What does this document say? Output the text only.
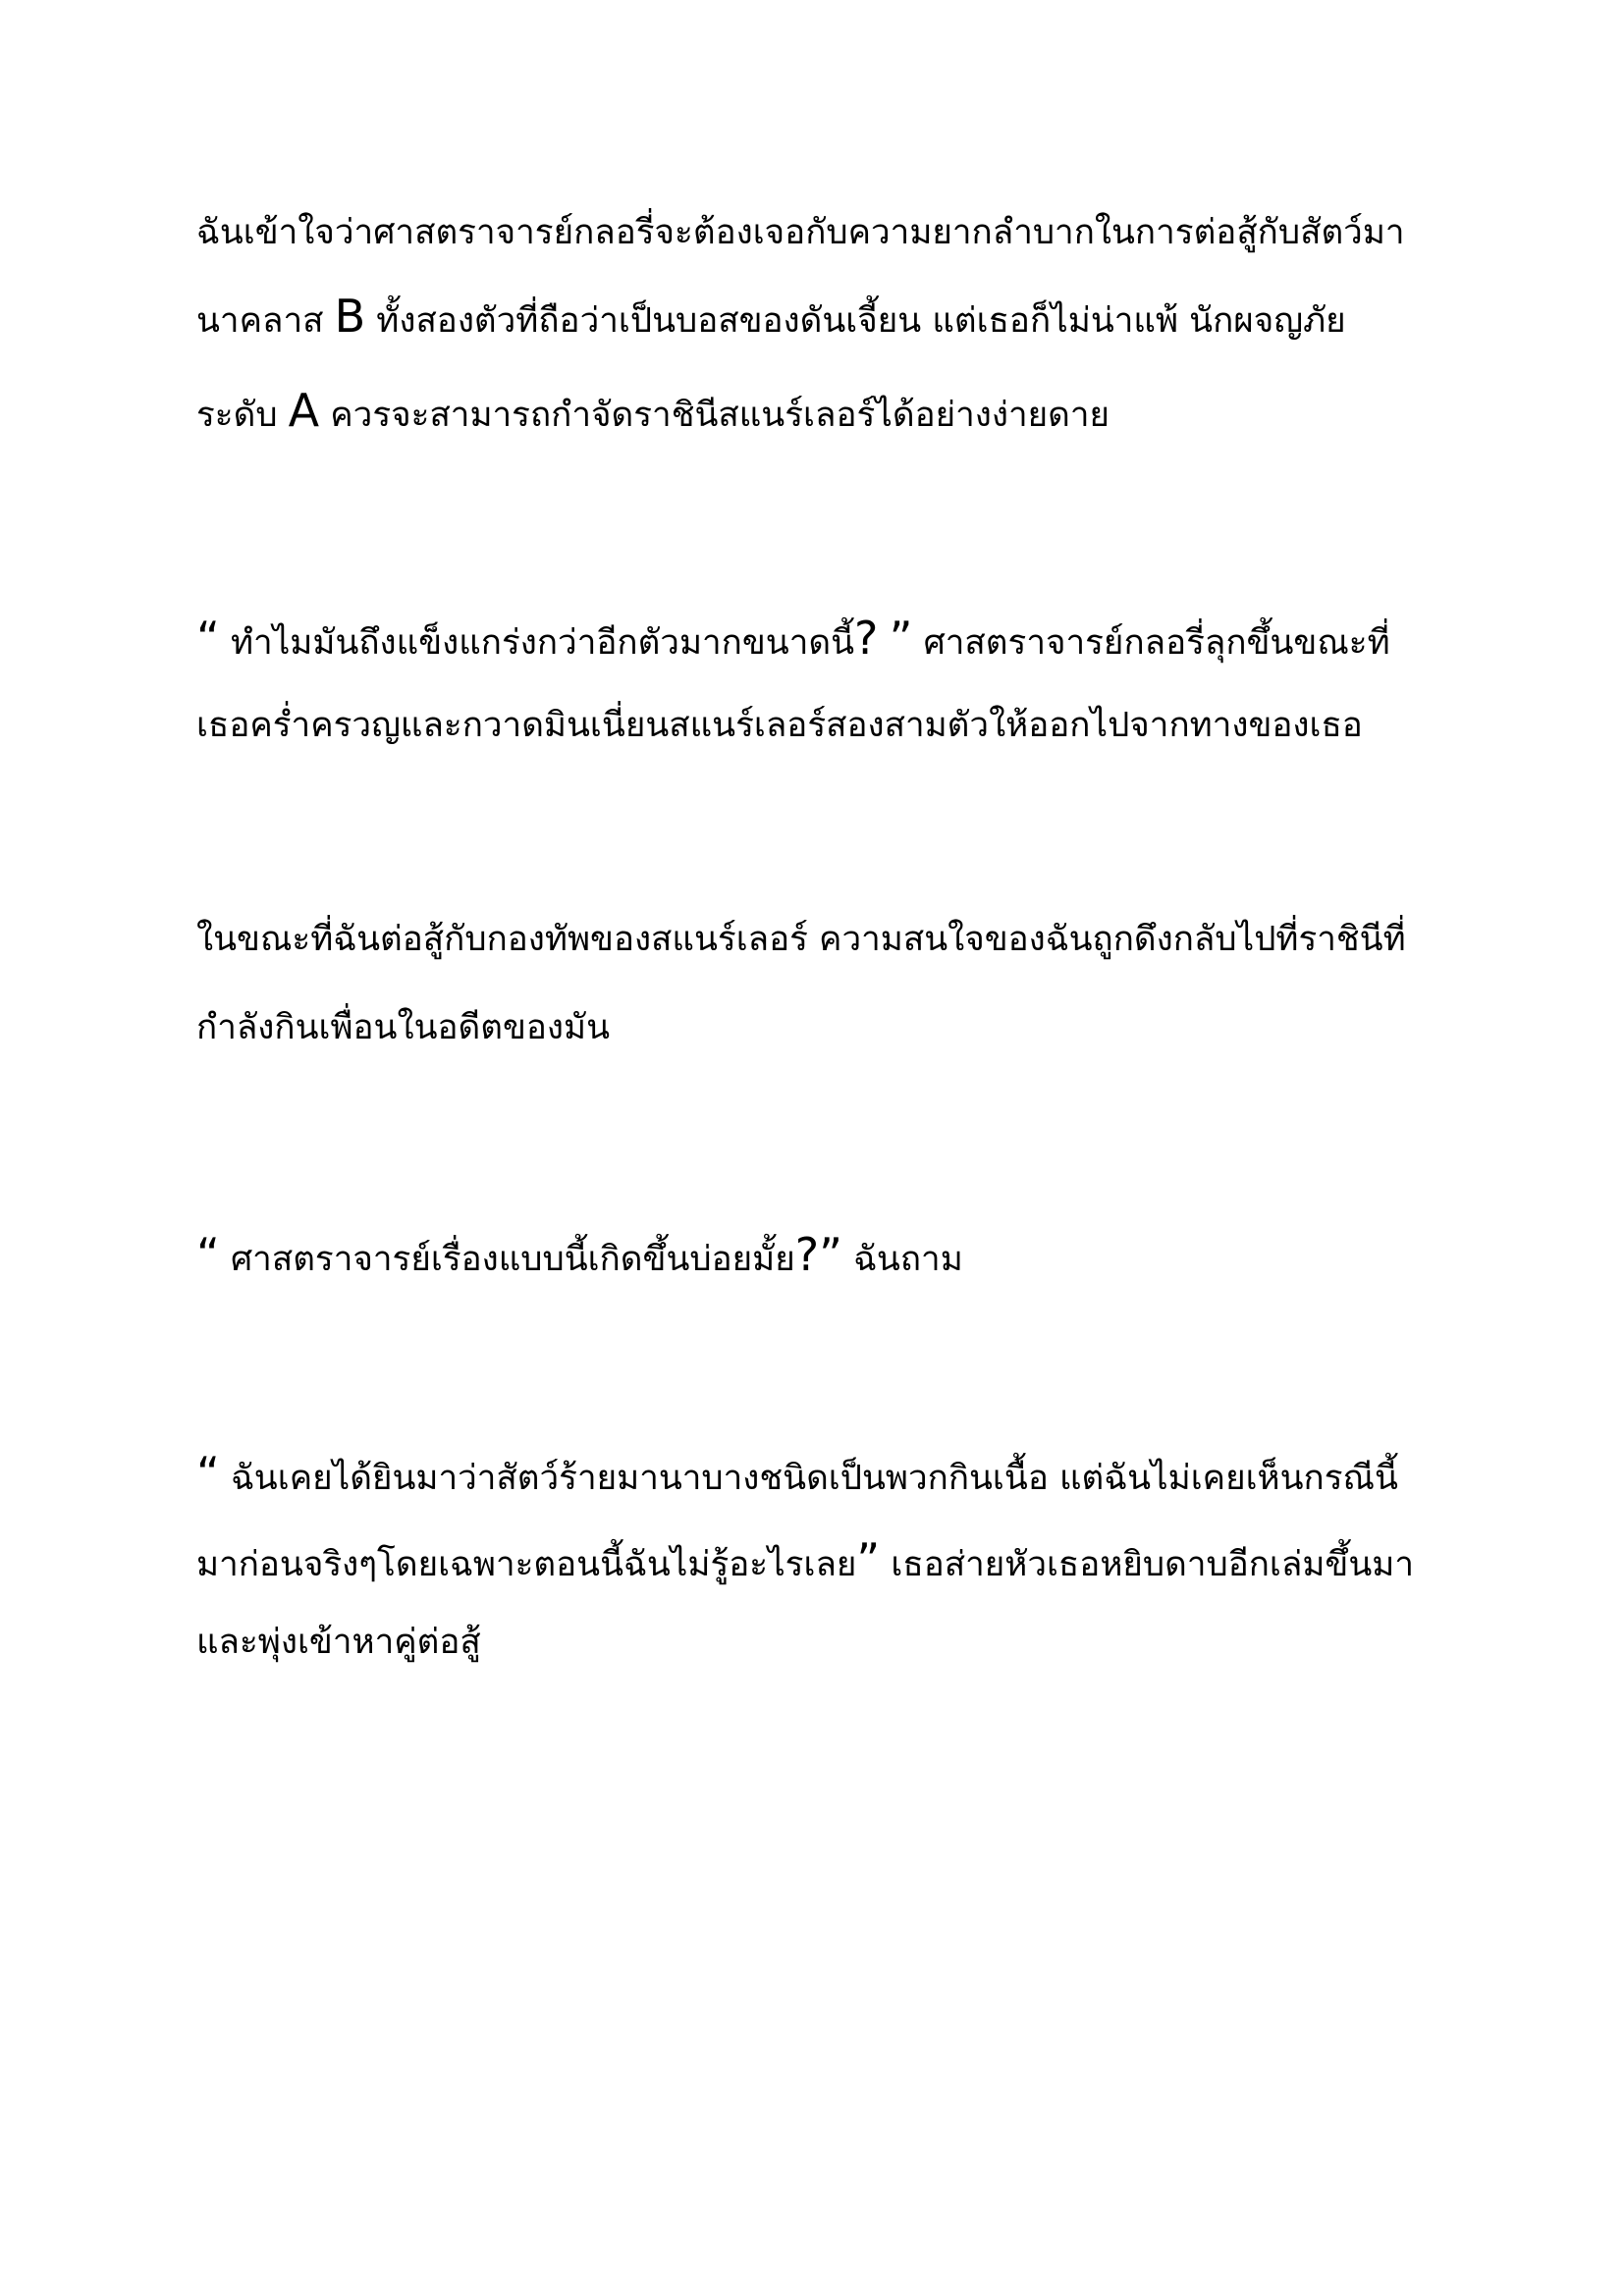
ฉันเข้าใจว่าศาสตราจารย์กลอรี่จะต้องเจอกับความยากลำบากในการต่อสู้กับสัตว์มา
นาคลาส B ทั้งสองตัวที่ถือว่าเป็นบอสของดันเจี้ยน แต่เธอก็ไม่น่าแพ้ นักผจญภัย
ระดับ A ควรจะสามารถกำจัดราชินีสแนร์เลอร์ได้อย่างง่ายดาย
“ ทำไมมันถึงแข็งแกร่งกว่าอีกตัวมากขนาดนี้? ” ศาสตราจารย์กลอรี่ลุกขึ้นขณะที่
เธอคร่ำครวญและกวาดมินเนี่ยนสแนร์เลอร์สองสามตัวให้ออกไปจากทางของเธอ
ในขณะที่ฉันต่อสู้กับกองทัพของสแนร์เลอร์ ความสนใจของฉันถูกดึงกลับไปที่ราชินีที่
กำลังกินเพื่อนในอดีตของมัน
“ ศาสตราจารย์เรื่องแบบนี้เกิดขึ้นบ่อยมั้ย?” ฉันถาม
“ ฉันเคยได้ยินมาว่าสัตว์ร้ายมานาบางชนิดเป็นพวกกินเนื้อ แต่ฉันไม่เคยเห็นกรณีนี้
มาก่อนจริงๆโดยเฉพาะตอนนี้ฉันไม่รู้อะไรเลย” เธอส่ายหัวเธอหยิบดาบอีกเล่มขึ้นมา
และพุ่งเข้าหาคู่ต่อสู้
